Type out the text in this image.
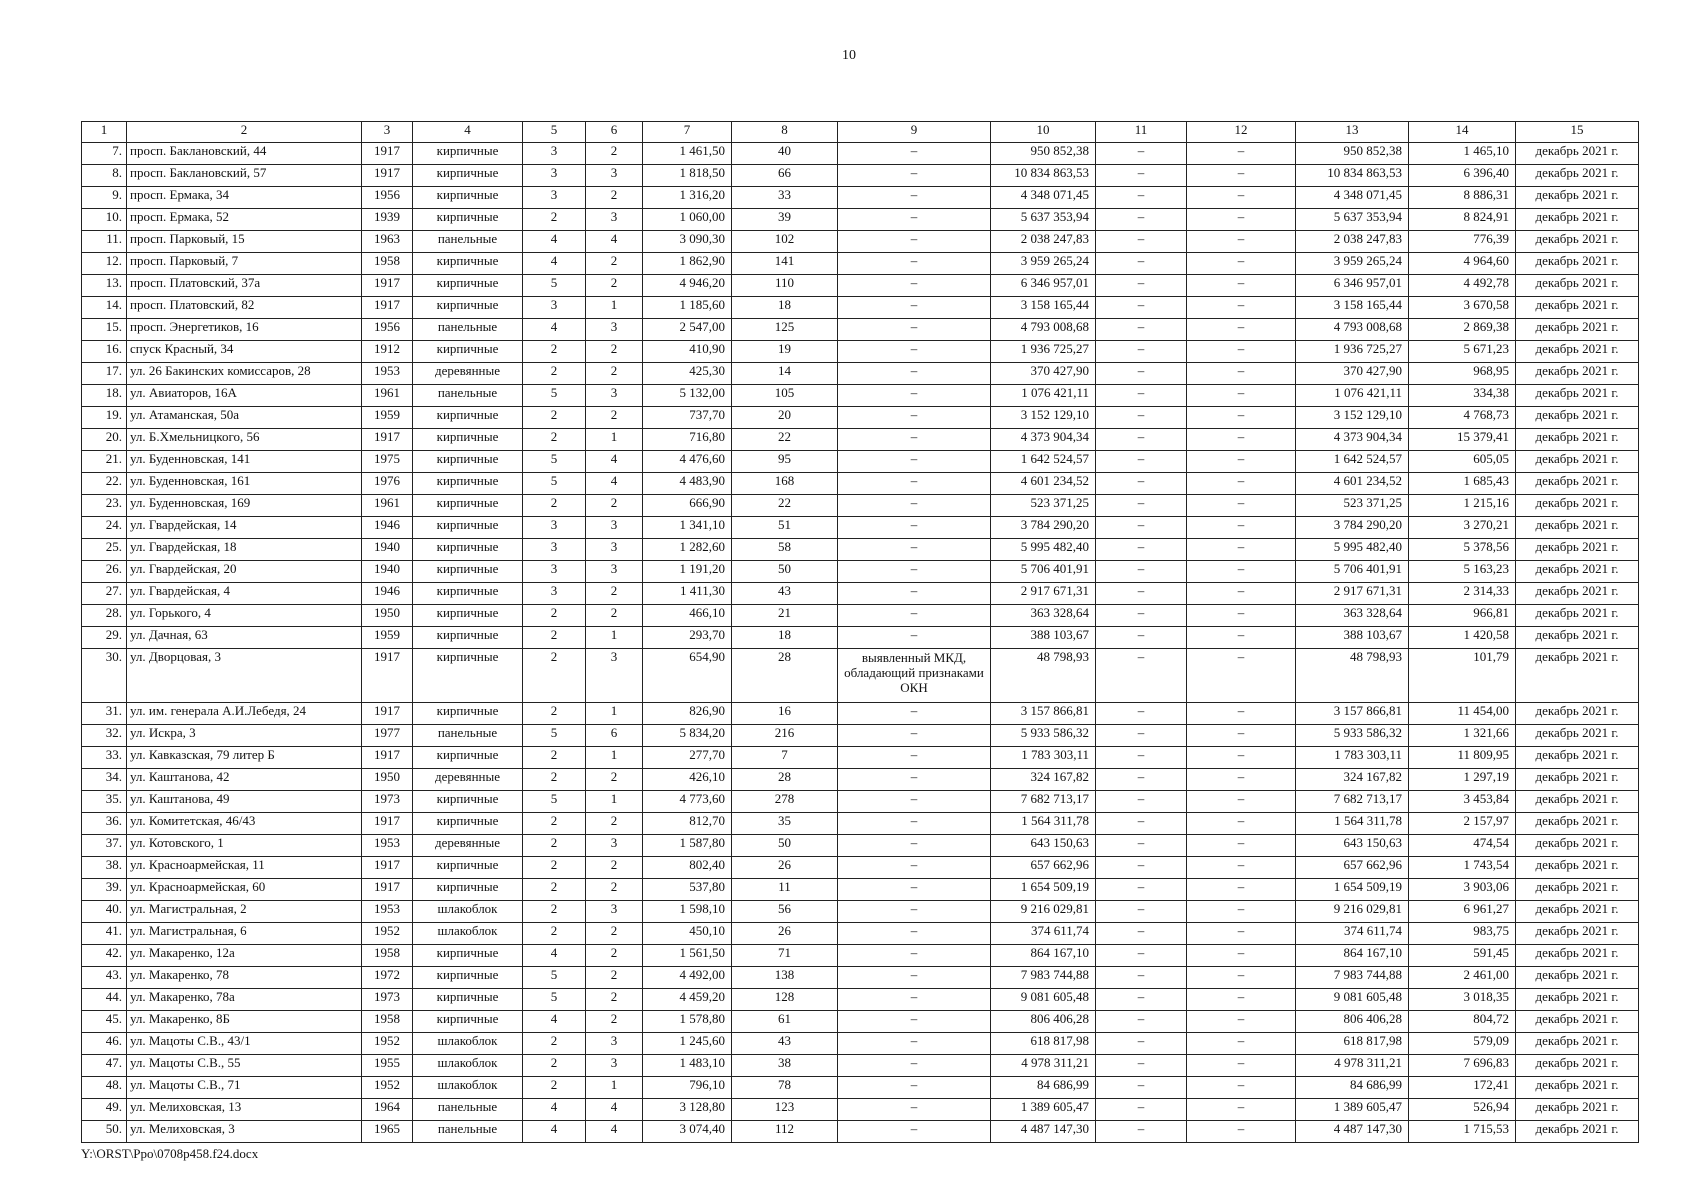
10
1	2	3	4	5	6	7	8	9	10	11	12	13	14	15
7.	просп. Баклановский, 44	1917	кирпичные	3	2	1 461,50	40	–	950 852,38	–	–	950 852,38	1 465,10	декабрь 2021 г.
8.	просп. Баклановский, 57	1917	кирпичные	3	3	1 818,50	66	–	10 834 863,53	–	–	10 834 863,53	6 396,40	декабрь 2021 г.
9.	просп. Ермака, 34	1956	кирпичные	3	2	1 316,20	33	–	4 348 071,45	–	–	4 348 071,45	8 886,31	декабрь 2021 г.
10.	просп. Ермака, 52	1939	кирпичные	2	3	1 060,00	39	–	5 637 353,94	–	–	5 637 353,94	8 824,91	декабрь 2021 г.
11.	просп. Парковый, 15	1963	панельные	4	4	3 090,30	102	–	2 038 247,83	–	–	2 038 247,83	776,39	декабрь 2021 г.
12.	просп. Парковый, 7	1958	кирпичные	4	2	1 862,90	141	–	3 959 265,24	–	–	3 959 265,24	4 964,60	декабрь 2021 г.
13.	просп. Платовский, 37а	1917	кирпичные	5	2	4 946,20	110	–	6 346 957,01	–	–	6 346 957,01	4 492,78	декабрь 2021 г.
14.	просп. Платовский, 82	1917	кирпичные	3	1	1 185,60	18	–	3 158 165,44	–	–	3 158 165,44	3 670,58	декабрь 2021 г.
15.	просп. Энергетиков, 16	1956	панельные	4	3	2 547,00	125	–	4 793 008,68	–	–	4 793 008,68	2 869,38	декабрь 2021 г.
16.	спуск Красный, 34	1912	кирпичные	2	2	410,90	19	–	1 936 725,27	–	–	1 936 725,27	5 671,23	декабрь 2021 г.
17.	ул. 26 Бакинских комиссаров, 28	1953	деревянные	2	2	425,30	14	–	370 427,90	–	–	370 427,90	968,95	декабрь 2021 г.
18.	ул. Авиаторов, 16А	1961	панельные	5	3	5 132,00	105	–	1 076 421,11	–	–	1 076 421,11	334,38	декабрь 2021 г.
19.	ул. Атаманская, 50а	1959	кирпичные	2	2	737,70	20	–	3 152 129,10	–	–	3 152 129,10	4 768,73	декабрь 2021 г.
20.	ул. Б.Хмельницкого, 56	1917	кирпичные	2	1	716,80	22	–	4 373 904,34	–	–	4 373 904,34	15 379,41	декабрь 2021 г.
21.	ул. Буденновская, 141	1975	кирпичные	5	4	4 476,60	95	–	1 642 524,57	–	–	1 642 524,57	605,05	декабрь 2021 г.
22.	ул. Буденновская, 161	1976	кирпичные	5	4	4 483,90	168	–	4 601 234,52	–	–	4 601 234,52	1 685,43	декабрь 2021 г.
23.	ул. Буденновская, 169	1961	кирпичные	2	2	666,90	22	–	523 371,25	–	–	523 371,25	1 215,16	декабрь 2021 г.
24.	ул. Гвардейская, 14	1946	кирпичные	3	3	1 341,10	51	–	3 784 290,20	–	–	3 784 290,20	3 270,21	декабрь 2021 г.
25.	ул. Гвардейская, 18	1940	кирпичные	3	3	1 282,60	58	–	5 995 482,40	–	–	5 995 482,40	5 378,56	декабрь 2021 г.
26.	ул. Гвардейская, 20	1940	кирпичные	3	3	1 191,20	50	–	5 706 401,91	–	–	5 706 401,91	5 163,23	декабрь 2021 г.
27.	ул. Гвардейская, 4	1946	кирпичные	3	2	1 411,30	43	–	2 917 671,31	–	–	2 917 671,31	2 314,33	декабрь 2021 г.
28.	ул. Горького, 4	1950	кирпичные	2	2	466,10	21	–	363 328,64	–	–	363 328,64	966,81	декабрь 2021 г.
29.	ул. Дачная, 63	1959	кирпичные	2	1	293,70	18	–	388 103,67	–	–	388 103,67	1 420,58	декабрь 2021 г.
30.	ул. Дворцовая, 3	1917	кирпичные	2	3	654,90	28	выявленный МКД, обладающий признаками ОКН	48 798,93	–	–	48 798,93	101,79	декабрь 2021 г.
31.	ул. им. генерала А.И.Лебедя, 24	1917	кирпичные	2	1	826,90	16	–	3 157 866,81	–	–	3 157 866,81	11 454,00	декабрь 2021 г.
32.	ул. Искра, 3	1977	панельные	5	6	5 834,20	216	–	5 933 586,32	–	–	5 933 586,32	1 321,66	декабрь 2021 г.
33.	ул. Кавказская, 79 литер Б	1917	кирпичные	2	1	277,70	7	–	1 783 303,11	–	–	1 783 303,11	11 809,95	декабрь 2021 г.
34.	ул. Каштанова, 42	1950	деревянные	2	2	426,10	28	–	324 167,82	–	–	324 167,82	1 297,19	декабрь 2021 г.
35.	ул. Каштанова, 49	1973	кирпичные	5	1	4 773,60	278	–	7 682 713,17	–	–	7 682 713,17	3 453,84	декабрь 2021 г.
36.	ул. Комитетская, 46/43	1917	кирпичные	2	2	812,70	35	–	1 564 311,78	–	–	1 564 311,78	2 157,97	декабрь 2021 г.
37.	ул. Котовского, 1	1953	деревянные	2	3	1 587,80	50	–	643 150,63	–	–	643 150,63	474,54	декабрь 2021 г.
38.	ул. Красноармейская, 11	1917	кирпичные	2	2	802,40	26	–	657 662,96	–	–	657 662,96	1 743,54	декабрь 2021 г.
39.	ул. Красноармейская, 60	1917	кирпичные	2	2	537,80	11	–	1 654 509,19	–	–	1 654 509,19	3 903,06	декабрь 2021 г.
40.	ул. Магистральная, 2	1953	шлакоблок	2	3	1 598,10	56	–	9 216 029,81	–	–	9 216 029,81	6 961,27	декабрь 2021 г.
41.	ул. Магистральная, 6	1952	шлакоблок	2	2	450,10	26	–	374 611,74	–	–	374 611,74	983,75	декабрь 2021 г.
42.	ул. Макаренко, 12а	1958	кирпичные	4	2	1 561,50	71	–	864 167,10	–	–	864 167,10	591,45	декабрь 2021 г.
43.	ул. Макаренко, 78	1972	кирпичные	5	2	4 492,00	138	–	7 983 744,88	–	–	7 983 744,88	2 461,00	декабрь 2021 г.
44.	ул. Макаренко, 78а	1973	кирпичные	5	2	4 459,20	128	–	9 081 605,48	–	–	9 081 605,48	3 018,35	декабрь 2021 г.
45.	ул. Макаренко, 8Б	1958	кирпичные	4	2	1 578,80	61	–	806 406,28	–	–	806 406,28	804,72	декабрь 2021 г.
46.	ул. Мацоты С.В., 43/1	1952	шлакоблок	2	3	1 245,60	43	–	618 817,98	–	–	618 817,98	579,09	декабрь 2021 г.
47.	ул. Мацоты С.В., 55	1955	шлакоблок	2	3	1 483,10	38	–	4 978 311,21	–	–	4 978 311,21	7 696,83	декабрь 2021 г.
48.	ул. Мацоты С.В., 71	1952	шлакоблок	2	1	796,10	78	–	84 686,99	–	–	84 686,99	172,41	декабрь 2021 г.
49.	ул. Мелиховская, 13	1964	панельные	4	4	3 128,80	123	–	1 389 605,47	–	–	1 389 605,47	526,94	декабрь 2021 г.
50.	ул. Мелиховская, 3	1965	панельные	4	4	3 074,40	112	–	4 487 147,30	–	–	4 487 147,30	1 715,53	декабрь 2021 г.
Y:\ORST\Ppo\0708p458.f24.docx
